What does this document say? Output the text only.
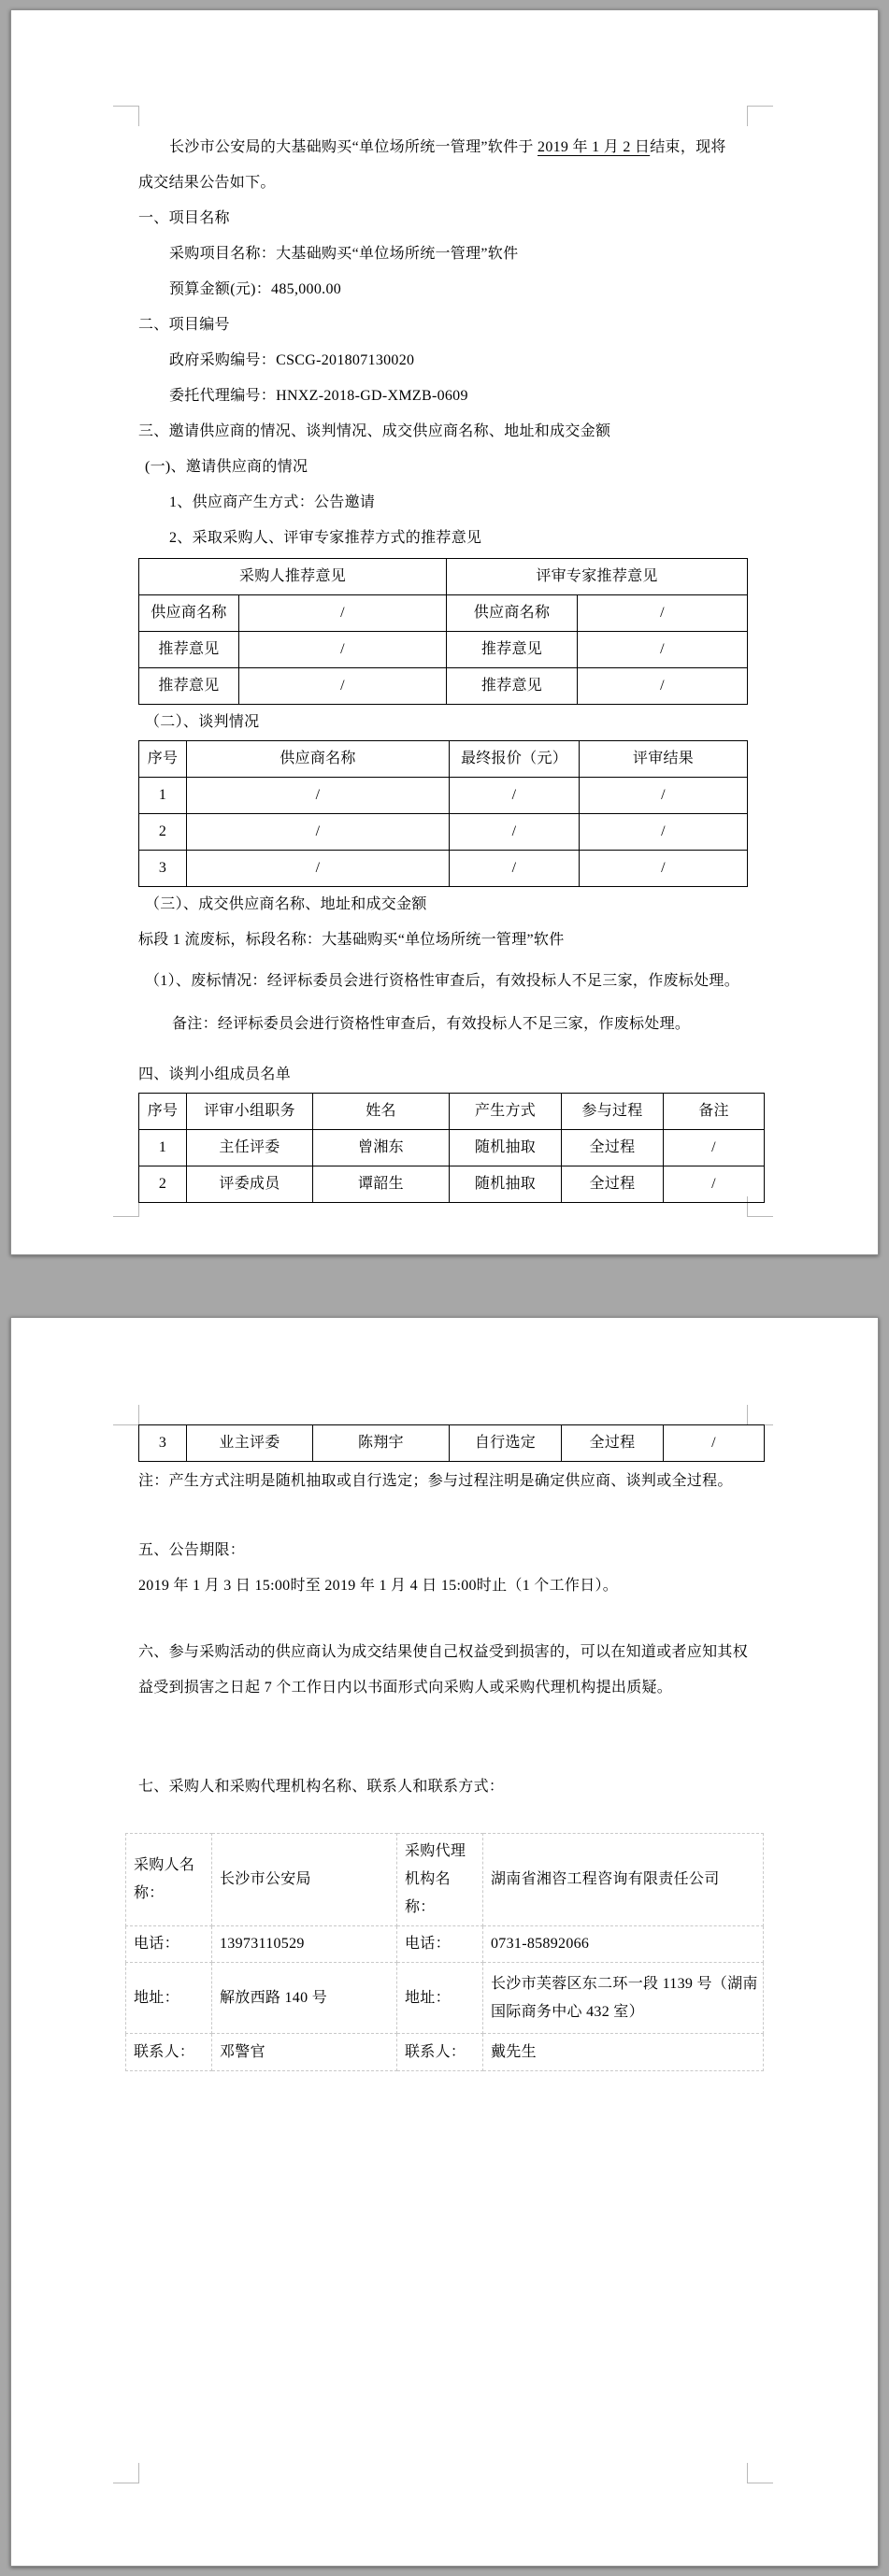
长沙市公安局的大基础购买“单位场所统一管理”软件于 2019 年 1 月 2 日结束，现将
成交结果公告如下。
一、项目名称
采购项目名称：大基础购买“单位场所统一管理”软件
预算金额(元)：485,000.00
二、项目编号
政府采购编号：CSCG-201807130020
委托代理编号：HNXZ-2018-GD-XMZB-0609
三、邀请供应商的情况、谈判情况、成交供应商名称、地址和成交金额
(一)、邀请供应商的情况
1、供应商产生方式：公告邀请
2、采取采购人、评审专家推荐方式的推荐意见
采购人推荐意见		评审专家推荐意见	
供应商名称	/	供应商名称	/
推荐意见	/	推荐意见	/
推荐意见	/	推荐意见	/
（二）、谈判情况
序号	供应商名称	最终报价（元）	评审结果
1	/	/	/
2	/	/	/
3	/	/	/
（三）、成交供应商名称、地址和成交金额
标段 1 流废标，标段名称：大基础购买“单位场所统一管理”软件
（1）、废标情况：经评标委员会进行资格性审查后，有效投标人不足三家，作废标处理。
备注：经评标委员会进行资格性审查后，有效投标人不足三家，作废标处理。
四、谈判小组成员名单
序号	评审小组职务	姓名	产生方式	参与过程	备注
1	主任评委	曾湘东	随机抽取	全过程	/
2	评委成员	谭韶生	随机抽取	全过程	/
3	业主评委	陈翔宇	自行选定	全过程	/
注：产生方式注明是随机抽取或自行选定；参与过程注明是确定供应商、谈判或全过程。
五、公告期限：
2019 年 1 月 3 日 15:00时至 2019 年 1 月 4 日 15:00时止（1 个工作日）。
六、参与采购活动的供应商认为成交结果使自己权益受到损害的，可以在知道或者应知其权益受到损害之日起 7 个工作日内以书面形式向采购人或采购代理机构提出质疑。
七、采购人和采购代理机构名称、联系人和联系方式：
采购人名称：	长沙市公安局	采购代理机构名称：	湖南省湘咨工程咨询有限责任公司
电话：	13973110529	电话：	0731-85892066
地址：	解放西路 140 号	地址：	长沙市芙蓉区东二环一段 1139 号（湖南国际商务中心 432 室）
联系人：	邓警官	联系人：	戴先生
